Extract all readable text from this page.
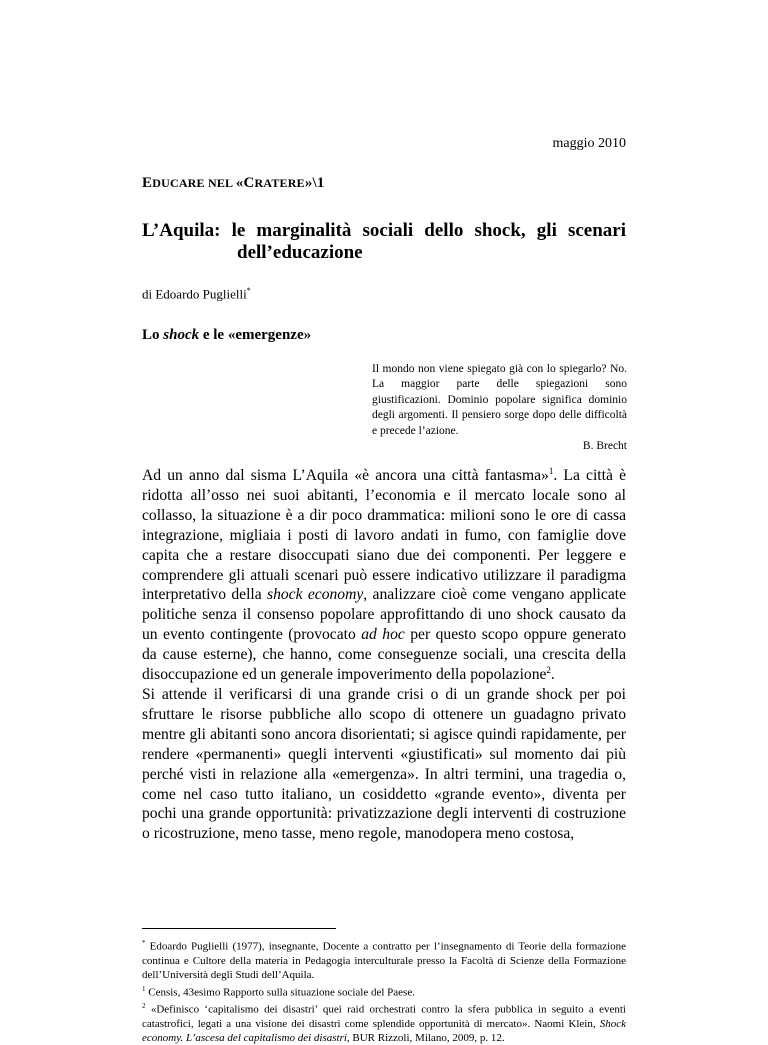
maggio 2010
EDUCARE NEL «CRATERE»\1
L’Aquila: le marginalità sociali dello shock, gli scenari
dell’educazione
di Edoardo Puglielli*
Lo shock e le «emergenze»
Il mondo non viene spiegato già con lo spiegarlo? No. La maggior parte delle spiegazioni sono giustificazioni. Dominio popolare significa dominio degli argomenti. Il pensiero sorge dopo delle difficoltà e precede l’azione.
B. Brecht

Ad un anno dal sisma L’Aquila «è ancora una città fantasma»$^1$. La città è ridotta all’osso nei suoi abitanti, l’economia e il mercato locale sono al collasso, la situazione è a dir poco drammatica: milioni sono le ore di cassa integrazione, migliaia i posti di lavoro andati in fumo, con famiglie dove capita che a restare disoccupati siano due dei componenti. Per leggere e comprendere gli attuali scenari può essere indicativo utilizzare il paradigma interpretativo della shock economy, analizzare cioè come vengano applicate politiche senza il consenso popolare approfittando di uno shock causato da un evento contingente (provocato ad hoc per questo scopo oppure generato da cause esterne), che hanno, come conseguenze sociali, una crescita della disoccupazione ed un generale impoverimento della popolazione$^2$.

Si attende il verificarsi di una grande crisi o di un grande shock per poi sfruttare le risorse pubbliche allo scopo di ottenere un guadagno privato mentre gli abitanti sono ancora disorientati; si agisce quindi rapidamente, per rendere «permanenti» quegli interventi «giustificati» sul momento dai più perché visti in relazione alla «emergenza». In altri termini, una tragedia o, come nel caso tutto italiano, un cosiddetto «grande evento», diventa per pochi una grande opportunità: privatizzazione degli interventi di costruzione o ricostruzione, meno tasse, meno regole, manodopera meno costosa,

* Edoardo Puglielli (1977), insegnante, Docente a contratto per l’insegnamento di Teorie della formazione continua e Cultore della materia in Pedagogia interculturale presso la Facoltà di Scienze della Formazione dell’Università degli Studi dell’Aquila.

$^1$ Censis, 43esimo Rapporto sulla situazione sociale del Paese.

$^2$ «Definisco ‘capitalismo dei disastri’ quei raid orchestrati contro la sfera pubblica in seguito a eventi catastrofici, legati a una visione dei disastri come splendide opportunità di mercato». Naomi Klein, Shock economy. L’ascesa del capitalismo dei disastri, BUR Rizzoli, Milano, 2009, p. 12.
